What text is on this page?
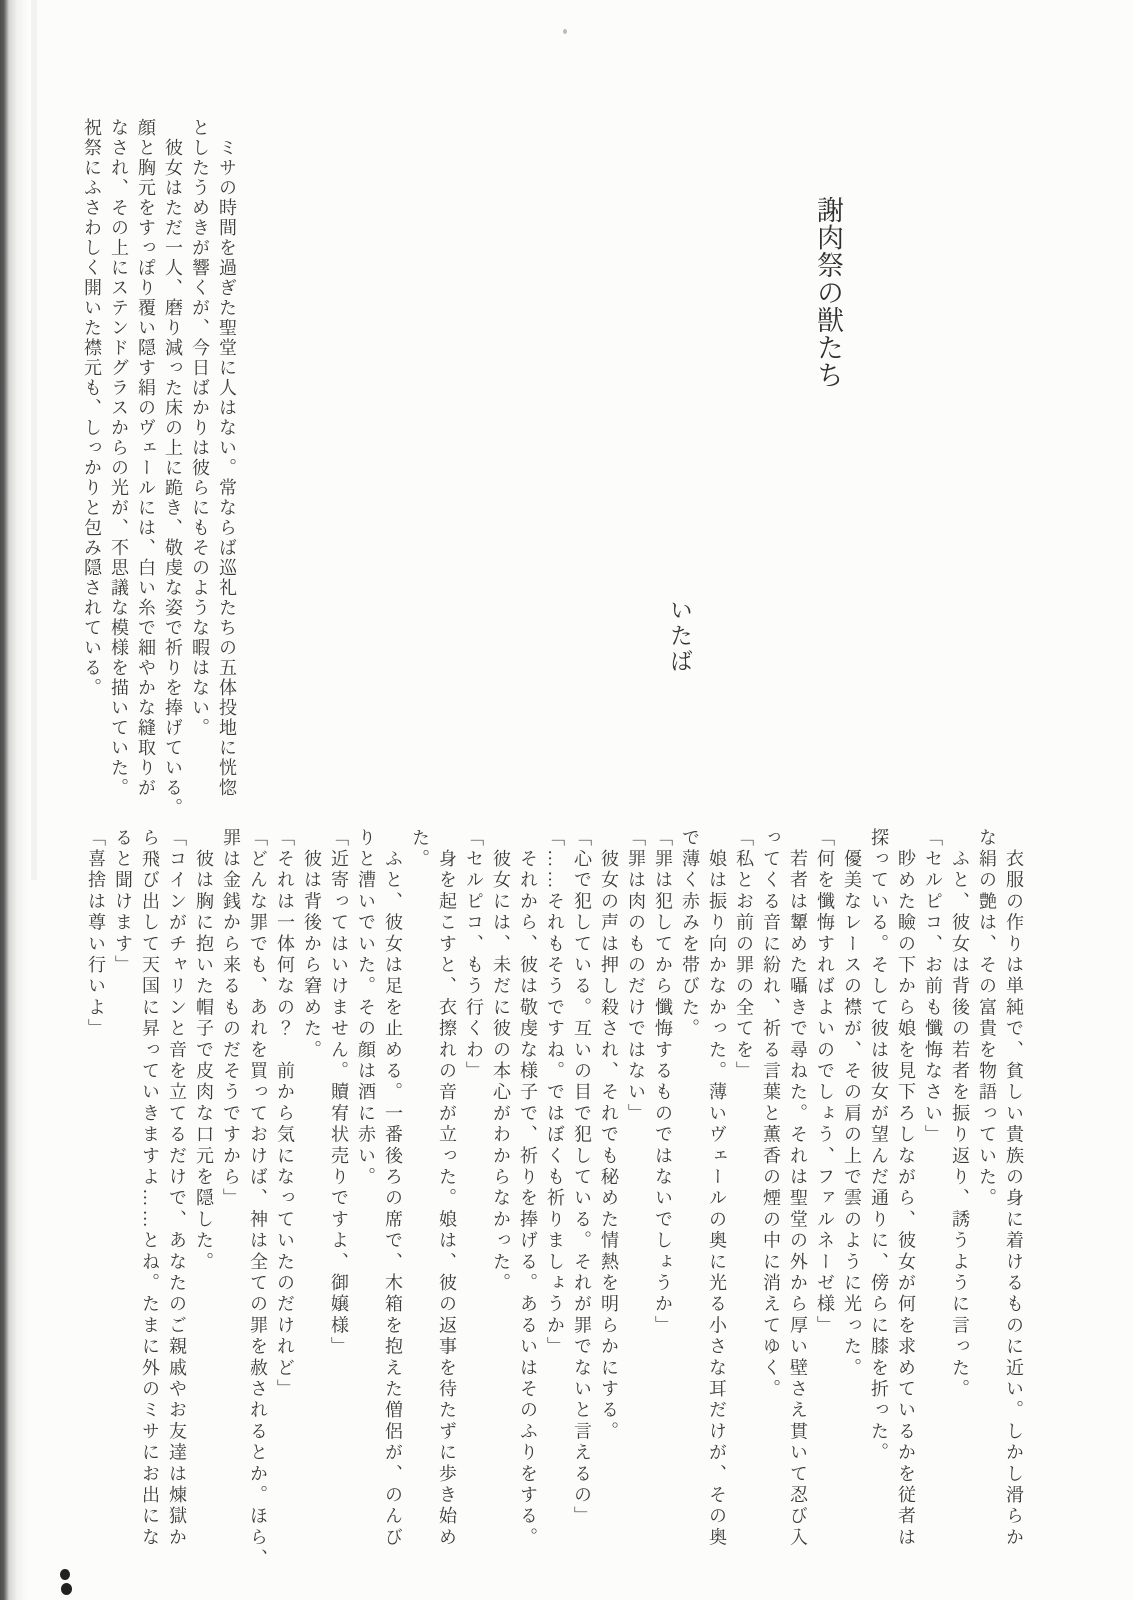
謝肉祭の獣たち
いたば

　ミサの時間を過ぎた聖堂に人はない。常ならば巡礼たちの五体投地に恍惚

としたうめきが響くが、今日ばかりは彼らにもそのような暇はない。

　彼女はただ一人、磨り減った床の上に跪き、敬虔な姿で祈りを捧げている。

顔と胸元をすっぽり覆い隠す絹のヴェールには、白い糸で細やかな縫取りが

なされ、その上にステンドグラスからの光が、不思議な模様を描いていた。

祝祭にふさわしく開いた襟元も、しっかりと包み隠されている。

　衣服の作りは単純で、貧しい貴族の身に着けるものに近い。しかし滑らか

な絹の艶は、その富貴を物語っていた。

　ふと、彼女は背後の若者を振り返り、誘うように言った。

「セルピコ、お前も懺悔なさい」

　眇めた瞼の下から娘を見下ろしながら、彼女が何を求めているかを従者は

探っている。そして彼は彼女が望んだ通りに、傍らに膝を折った。

　優美なレースの襟が、その肩の上で雲のように光った。

「何を懺悔すればよいのでしょう、ファルネーゼ様」

　若者は顰めた囁きで尋ねた。それは聖堂の外から厚い壁さえ貫いて忍び入

ってくる音に紛れ、祈る言葉と薫香の煙の中に消えてゆく。

「私とお前の罪の全てを」

　娘は振り向かなかった。薄いヴェールの奥に光る小さな耳だけが、その奥

で薄く赤みを帯びた。

「罪は犯してから懺悔するものではないでしょうか」

「罪は肉のものだけではない」

　彼女の声は押し殺され、それでも秘めた情熱を明らかにする。

「心で犯している。互いの目で犯している。それが罪でないと言えるの」

「……それもそうですね。ではぼくも祈りましょうか」

　それから、彼は敬虔な様子で、祈りを捧げる。あるいはそのふりをする。

　彼女には、未だに彼の本心がわからなかった。

「セルピコ、もう行くわ」

　身を起こすと、衣擦れの音が立った。娘は、彼の返事を待たずに歩き始め

た。

　ふと、彼女は足を止める。一番後ろの席で、木箱を抱えた僧侶が、のんび

りと漕いでいた。その顔は酒に赤い。

「近寄ってはいけません。贖宥状売りですよ、御嬢様」

　彼は背後から窘めた。

「それは一体何なの？　前から気になっていたのだけれど」

「どんな罪でも、あれを買っておけば、神は全ての罪を赦されるとか。ほら、

罪は金銭から来るものだそうですから」

　彼は胸に抱いた帽子で皮肉な口元を隠した。

「コインがチャリンと音を立てるだけで、あなたのご親戚やお友達は煉獄か

ら飛び出して天国に昇っていきますよ……とね。たまに外のミサにお出にな

ると聞けます」

「喜捨は尊い行いよ」
